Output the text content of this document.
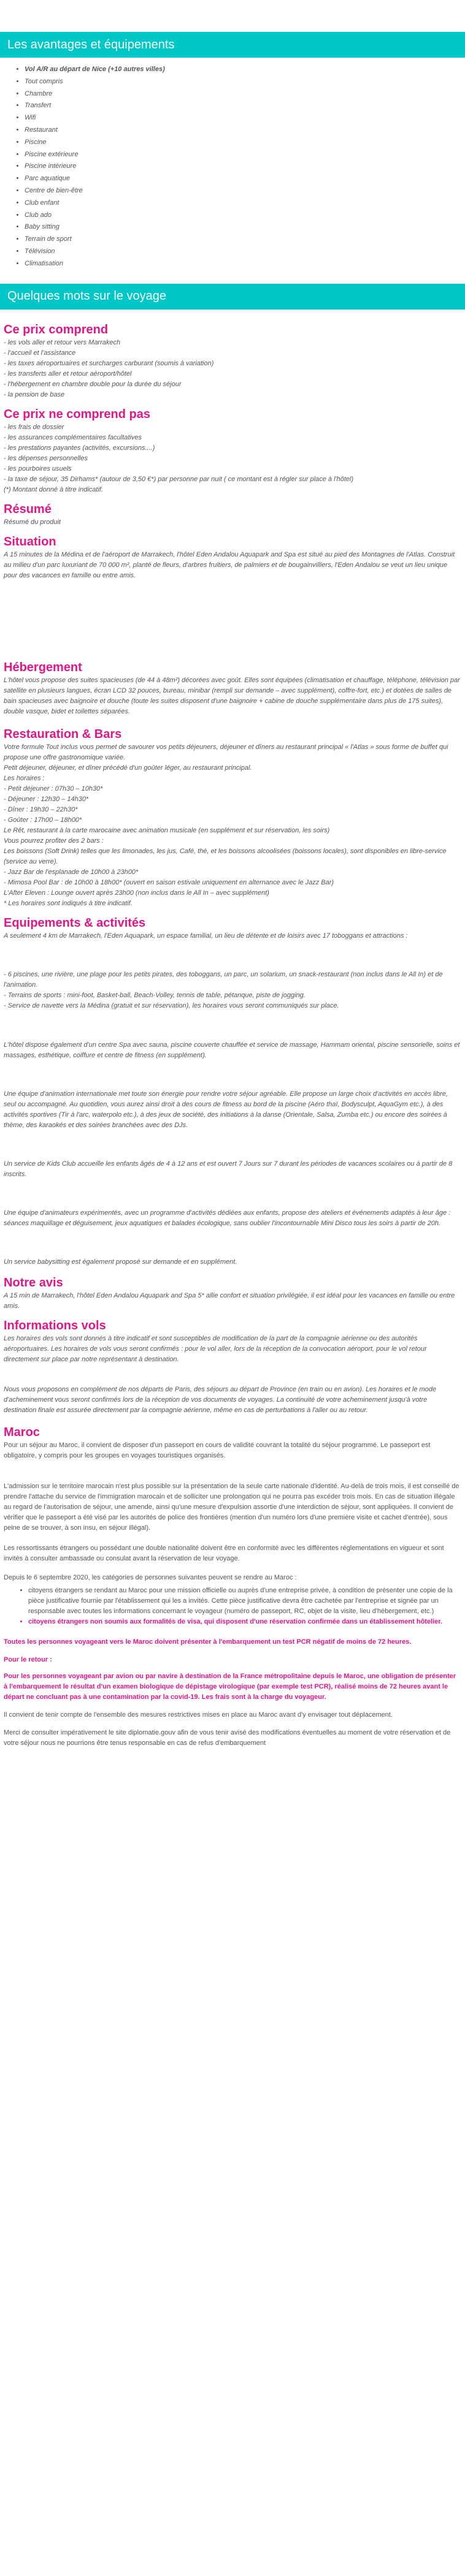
Les avantages et équipements
• Vol A/R au départ de Nice (+10 autres villes)
• Tout compris
• Chambre
• Transfert
• Wifi
• Restaurant
• Piscine
• Piscine extérieure
• Piscine intérieure
• Parc aquatique
• Centre de bien-être
• Club enfant
• Club ado
• Baby sitting
• Terrain de sport
• Télévision
• Climatisation
Quelques mots sur le voyage
Ce prix comprend

- les vols aller et retour vers Marrakech

- l'accueil et l'assistance

- les taxes aéroportuaires et surcharges carburant (soumis à variation)

- les transferts aller et retour aéroport/hôtel

- l'hébergement en chambre double pour la durée du séjour

- la pension de base

Ce prix ne comprend pas

- les frais de dossier

- les assurances complémentaires facultatives

- les prestations payantes (activités, excursions....)

- les dépenses personnelles

- les pourboires usuels

- la taxe de séjour, 35 Dirhams* (autour de 3,50 €*) par personne par nuit ( ce montant est à régler sur place à l'hôtel)

(*) Montant donné à titre indicatif.

Résumé

Résumé du produit

Situation

A 15 minutes de la Médina et de l'aéroport de Marrakech, l'hôtel Eden Andalou Aquapark and Spa est situé au pied des Montagnes de l'Atlas. Construit au milieu d'un parc luxuriant de 70 000 m², planté de fleurs, d'arbres fruitiers, de palmiers et de bougainvilliers, l'Eden Andalou se veut un lieu unique pour des vacances en famille ou entre amis.

Hébergement

L'hôtel vous propose des suites spacieuses (de 44 à 48m²) décorées avec goût. Elles sont équipées (climatisation et chauffage, téléphone, télévision par satellite en plusieurs langues, écran LCD 32 pouces, bureau, minibar (rempli sur demande – avec supplément), coffre-fort, etc.) et dotées de salles de bain spacieuses avec baignoire et douche (toute les suites disposent d'une baignoire + cabine de douche supplémentaire dans plus de 175 suites), double vasque, bidet et toilettes séparées.

Restauration & Bars

Votre formule Tout inclus vous permet de savourer vos petits déjeuners, déjeuner et dîners au restaurant principal « l'Atlas » sous forme de buffet qui propose une offre gastronomique variée.

Petit déjeuner, déjeuner, et dîner précédé d'un goûter léger, au restaurant principal.

Les horaires :

- Petit déjeuner : 07h30 – 10h30*

- Déjeuner : 12h30 – 14h30*

- Dîner : 19h30 – 22h30*

- Goûter : 17h00 – 18h00*

Le Rêt, restaurant à la carte marocaine avec animation musicale (en supplément et sur réservation, les soirs)

Vous pourrez profiter des 2 bars :

Les boissons (Soft Drink) telles que les limonades, les jus, Café, thé, et les boissons alcoolisées (boissons locales), sont disponibles en libre-service (service au verre).

- Jazz Bar de l'esplanade de 10h00 à 23h00*

- Mimosa Pool Bar : de 10h00 à 18h00* (ouvert en saison estivale uniquement en alternance avec le Jazz Bar)

L'After Eleven : Lounge ouvert après 23h00 (non inclus dans le All In – avec supplément)

* Les horaires sont indiqués à titre indicatif.

Equipements & activités

A seulement 4 km de Marrakech, l'Eden Aquapark, un espace familial, un lieu de détente et de loisirs avec 17 toboggans et attractions :

- 6 piscines, une rivière, une plage pour les petits pirates, des toboggans, un parc, un solarium, un snack-restaurant (non inclus dans le All In) et de l'animation.

- Terrains de sports : mini-foot, Basket-ball, Beach-Volley, tennis de table, pétanque, piste de jogging.

- Service de navette vers la Médina (gratuit et sur réservation), les horaires vous seront communiqués sur place.

L'hôtel dispose également d'un centre Spa avec sauna, piscine couverte chauffée et service de massage, Hammam oriental, piscine sensorielle, soins et massages, esthétique, coiffure et centre de fitness (en supplément).

Une équipe d'animation internationale met toute son énergie pour rendre votre séjour agréable. Elle propose un large choix d'activités en accès libre, seul ou accompagné. Au quotidien, vous aurez ainsi droit à des cours de fitness au bord de la piscine (Aéro thaï, Bodysculpt, AquaGym etc.), à des activités sportives (Tir à l'arc, waterpolo etc.), à des jeux de société, des initiations à la danse (Orientale, Salsa, Zumba etc.) ou encore des soirées à thème, des karaokés et des soirées branchées avec des DJs.

Un service de Kids Club accueille les enfants âgés de 4 à 12 ans et est ouvert 7 Jours sur 7 durant les périodes de vacances scolaires ou à partir de 8 inscrits.

Une équipe d'animateurs expérimentés, avec un programme d'activités dédiées aux enfants, propose des ateliers et événements adaptés à leur âge : séances maquillage et déguisement, jeux aquatiques et balades écologique, sans oublier l'incontournable Mini Disco tous les soirs à partir de 20h.

Un service babysitting est également proposé sur demande et en supplément.

Notre avis

A 15 min de Marrakech, l'hôtel Eden Andalou Aquapark and Spa 5* allie confort et situation privilégiée, il est idéal pour les vacances en famille ou entre amis.

Informations vols

Les horaires des vols sont donnés à titre indicatif et sont susceptibles de modification de la part de la compagnie aérienne ou des autorités aéroportuaires. Les horaires de vols vous seront confirmés : pour le vol aller, lors de la réception de la convocation aéroport, pour le vol retour directement sur place par notre représentant à destination.

Nous vous proposons en complément de nos départs de Paris, des séjours au départ de Province (en train ou en avion). Les horaires et le mode d'acheminement vous seront confirmés lors de la réception de vos documents de voyages. La continuité de votre acheminement jusqu'à votre destination finale est assurée directement par la compagnie aérienne, même en cas de perturbations à l'aller ou au retour.

Maroc

Pour un séjour au Maroc, il convient de disposer d'un passeport en cours de validité couvrant la totalité du séjour programmé. Le passeport est obligatoire, y compris pour les groupes en voyages touristiques organisés.

L'admission sur le territoire marocain n'est plus possible sur la présentation de la seule carte nationale d'identité. Au-delà de trois mois, il est conseillé de prendre l'attache du service de l'immigration marocain et de solliciter une prolongation qui ne pourra pas excéder trois mois. En cas de situation illégale au regard de l'autorisation de séjour, une amende, ainsi qu'une mesure d'expulsion assortie d'une interdiction de séjour, sont appliquées. Il convient de vérifier que le passeport a été visé par les autorités de police des frontières (mention d'un numéro lors d'une première visite et cachet d'entrée), sous peine de se trouver, à son insu, en séjour illégal).

Les ressortissants étrangers ou possédant une double nationalité doivent être en conformité avec les différentes réglementations en vigueur et sont invités à consulter ambassade ou consulat avant la réservation de leur voyage.

Depuis le 6 septembre 2020, les catégories de personnes suivantes peuvent se rendre au Maroc :

• citoyens étrangers se rendant au Maroc pour une mission officielle ou auprès d'une entreprise privée, à condition de présenter une copie de la pièce justificative fournie par l'établissement qui les a invités. Cette pièce justificative devra être cachetée par l'entreprise et signée par un responsable avec toutes les informations concernant le voyageur (numéro de passeport, RC, objet de la visite, lieu d'hébergement, etc.)
• citoyens étrangers non soumis aux formalités de visa, qui disposent d'une réservation confirmée dans un établissement hôtelier.

Toutes les personnes voyageant vers le Maroc doivent présenter à l'embarquement un test PCR négatif de moins de 72 heures.

Pour le retour :

Pour les personnes voyageant par avion ou par navire à destination de la France métropolitaine depuis le Maroc, une obligation de présenter à l'embarquement le résultat d'un examen biologique de dépistage virologique (par exemple test PCR), réalisé moins de 72 heures avant le départ ne concluant pas à une contamination par la covid-19. Les frais sont à la charge du voyageur.

Il convient de tenir compte de l'ensemble des mesures restrictives mises en place au Maroc avant d'y envisager tout déplacement.

Merci de consulter impérativement le site diplomatie.gouv afin de vous tenir avisé des modifications éventuelles au moment de votre réservation et de votre séjour nous ne pourrions être tenus responsable en cas de refus d'embarquement
